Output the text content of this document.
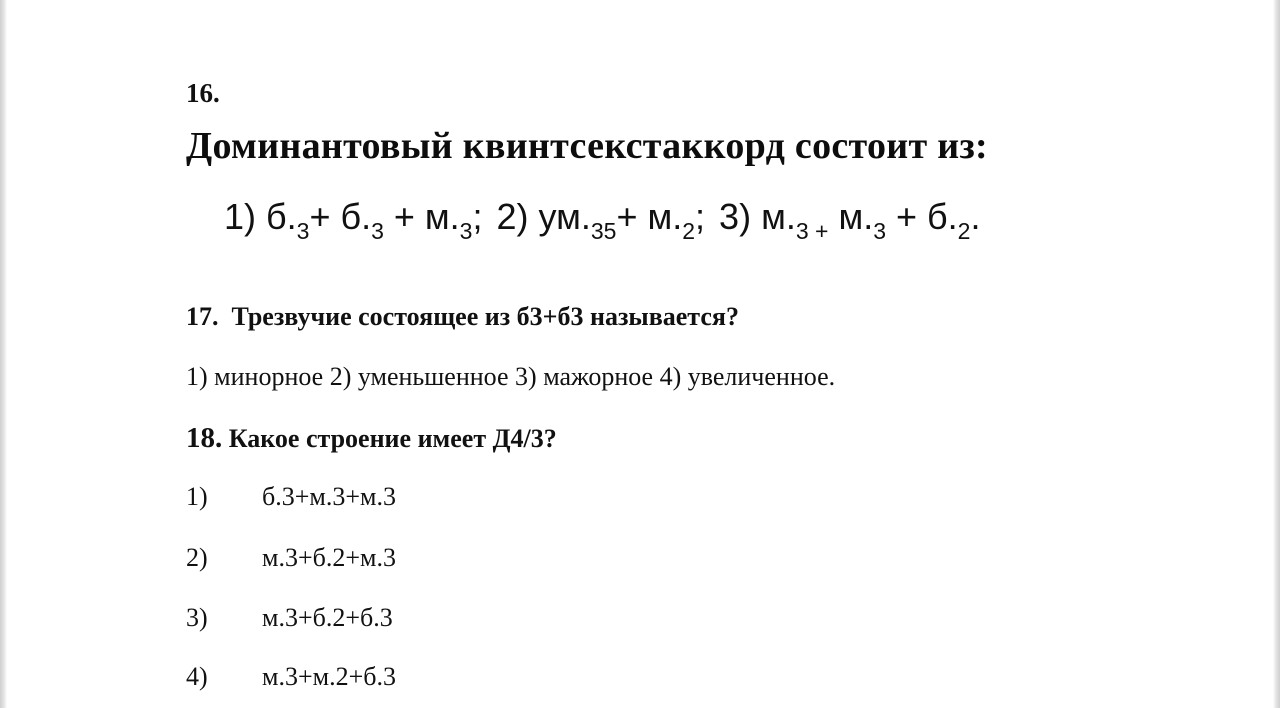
16.
Доминантовый квинтсекстаккорд состоит из:
1) $б._3+ б._3 + м._3$; 2) $ум._{35}+ м._2$; 3) $м._{3 +}$ $м._3 + б._2$.
17. Трезвучие состоящее из б3+б3 называется?
1) минорное 2) уменьшенное 3) мажорное 4) увеличенное.
18. Какое строение имеет Д4/3?
1) б.3+м.3+м.3
2) м.3+б.2+м.3
3) м.3+б.2+б.3
4) м.3+м.2+б.3
